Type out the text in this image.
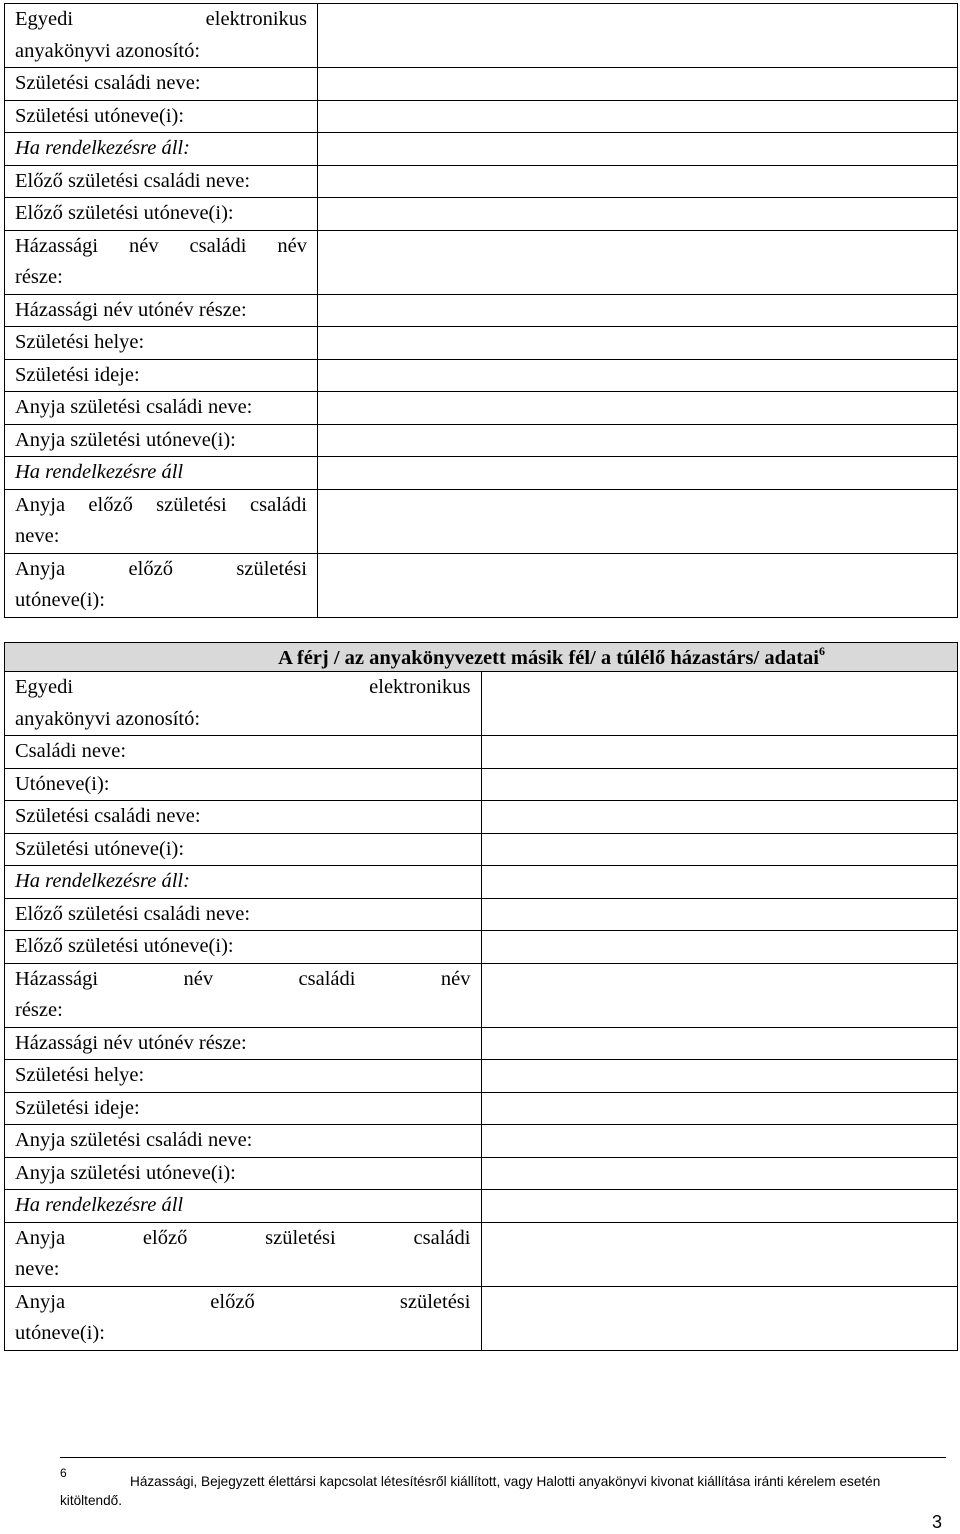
Egyedi elektronikus
anyakönyvi azonosító:	

Születési családi neve:	
Születési utóneve(i):	
Ha rendelkezésre áll:	
Előző születési családi neve:	
Előző születési utóneve(i):	

Házassági név családi név
része:	

Házassági név utónév része:	
Születési helye:	
Születési ideje:	
Anyja születési családi neve:	
Anyja születési utóneve(i):	
Ha rendelkezésre áll	

Anyja előző születési családi
neve:	

Anyja előző születési
utóneve(i):	

A férj / az anyakönyvezett másik fél/ a túlélő házastárs/ adatai$^6$

Egyedi elektronikus
anyakönyvi azonosító:	

Családi neve:	
Utóneve(i):	
Születési családi neve:	
Születési utóneve(i):	
Ha rendelkezésre áll:	
Előző születési családi neve:	
Előző születési utóneve(i):	

Házassági név családi név
része:	

Házassági név utónév része:	
Születési helye:	
Születési ideje:	
Anyja születési családi neve:	
Anyja születési utóneve(i):	
Ha rendelkezésre áll	

Anyja előző születési családi
neve:	

Anyja előző születési
utóneve(i):	

6
Házassági, Bejegyzett élettársi kapcsolat létesítésről kiállított, vagy Halotti anyakönyvi kivonat kiállítása iránti kérelem esetén
kitöltendő.
3
